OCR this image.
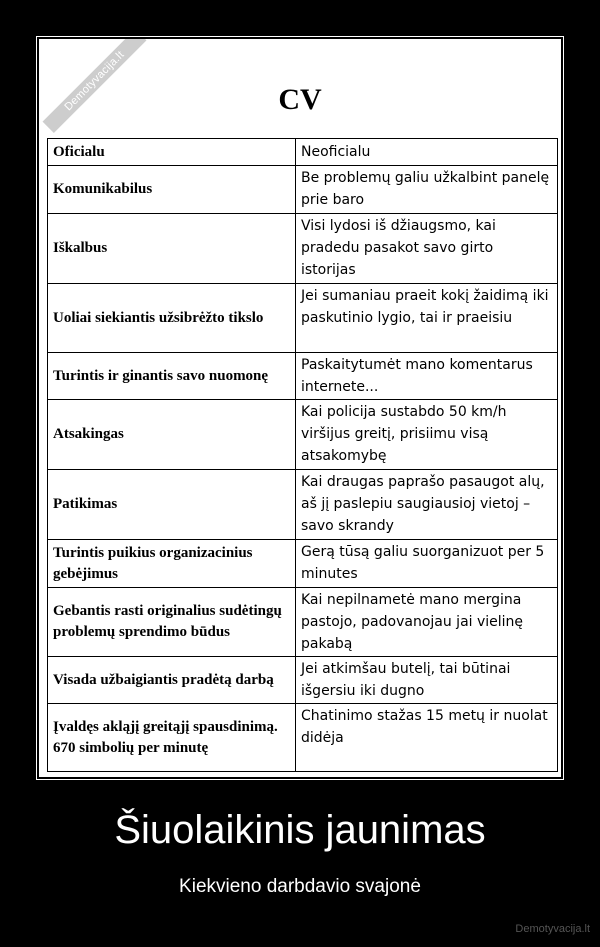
Demotyvacija.lt	CV
Oficialu	Neoficialu
Komunikabilus	Be problemų galiu užkalbint panelę prie baro
Iškalbus	Visi lydosi iš džiaugsmo, kai pradedu pasakot savo girto istorijas
Uoliai siekiantis užsibrėžto tikslo	Jei sumaniau praeit kokį žaidimą iki paskutinio lygio, tai ir praeisiu
Turintis ir ginantis savo nuomonę	Paskaitytumėt mano komentarus internete...
Atsakingas	Kai policija sustabdo 50 km/h viršijus greitį, prisiimu visą atsakomybę
Patikimas	Kai draugas paprašo pasaugot alų, aš jį paslepiu saugiausioj vietoj – savo skrandy
Turintis puikius organizacinius gebėjimus	Gerą tūsą galiu suorganizuot per 5 minutes
Gebantis rasti originalius sudėtingų problemų sprendimo būdus	Kai nepilnametė mano mergina pastojo, padovanojau jai vielinę pakabą
Visada užbaigiantis pradėtą darbą	Jei atkimšau butelį, tai būtinai išgersiu iki dugno
Įvaldęs akląjį greitąjį spausdinimą. 670 simbolių per minutę	Chatinimo stažas 15 metų ir nuolat didėja
Šiuolaikinis jaunimas
Kiekvieno darbdavio svajonė
Demotyvacija.lt
